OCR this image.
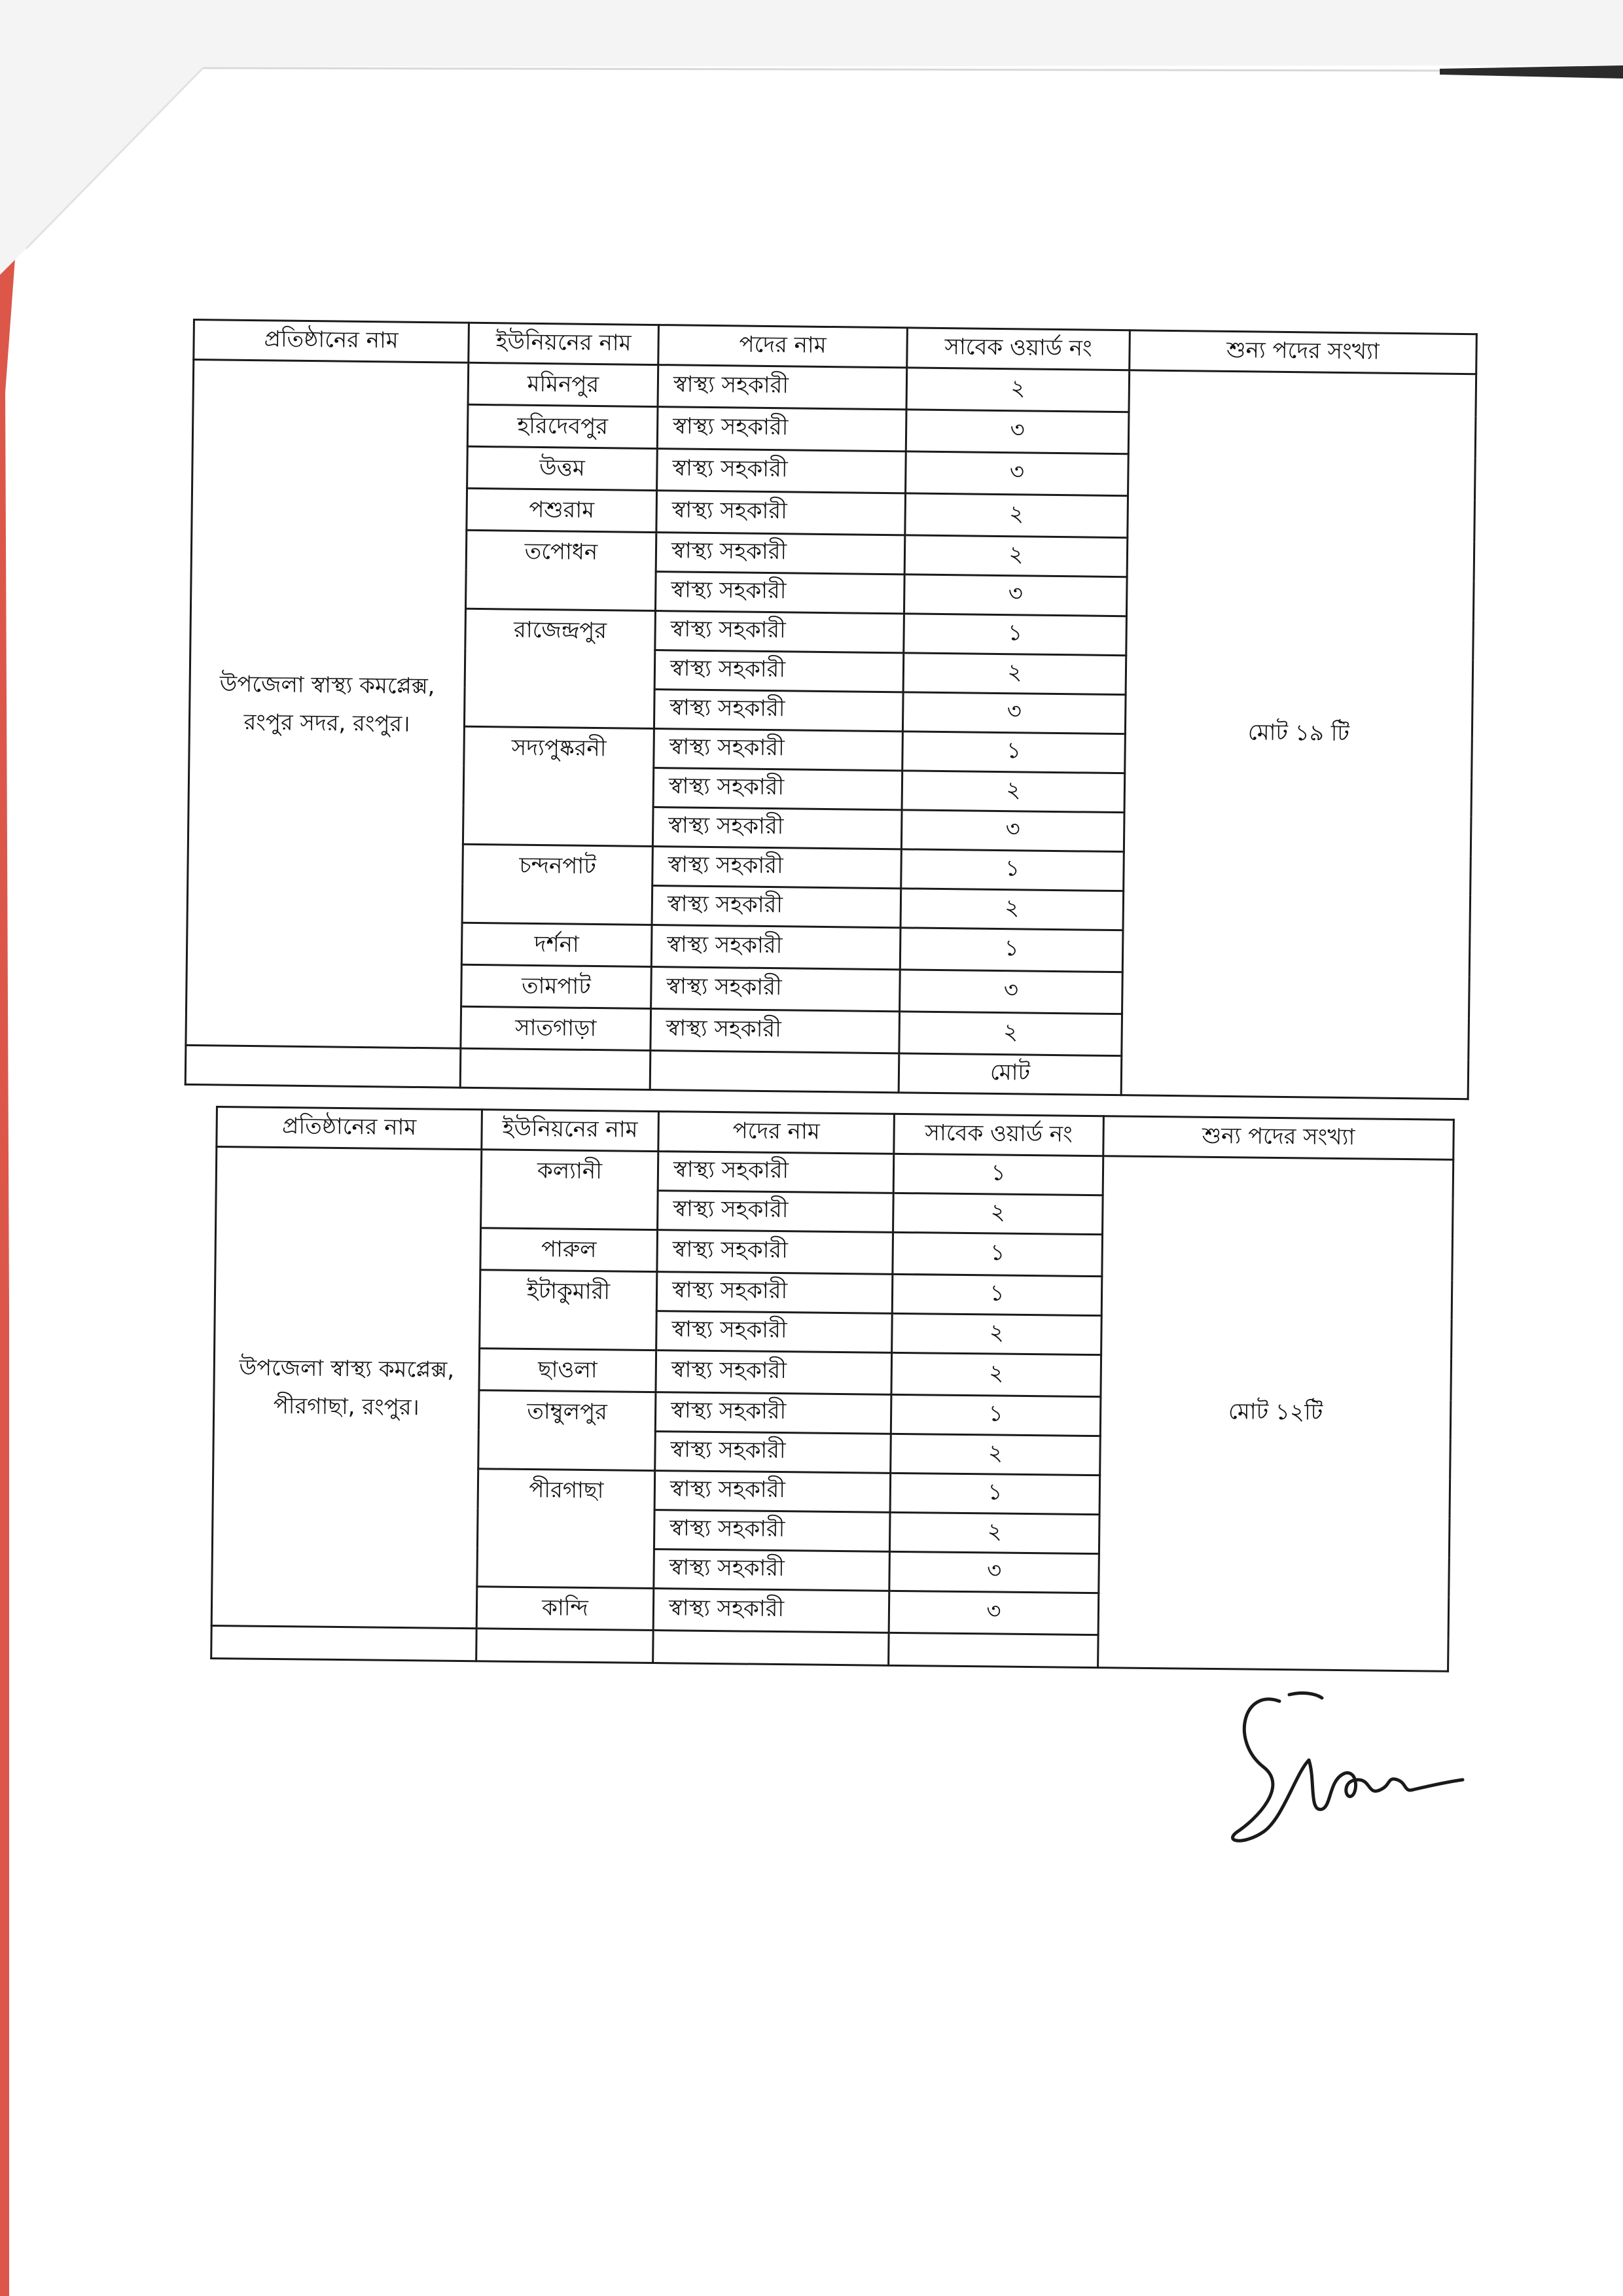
প্রতিষ্ঠানের নাম	ইউনিয়নের নাম	পদের নাম	সাবেক ওয়ার্ড নং	শুন্য পদের সংখ্যা
উপজেলা স্বাস্থ্য কমপ্লেক্স, রংপুর সদর, রংপুর।	মমিনপুর	স্বাস্থ্য সহকারী	২	মোট ১৯ টি
	হরিদেবপুর	স্বাস্থ্য সহকারী	৩	
	উত্তম	স্বাস্থ্য সহকারী	৩	
	পশুরাম	স্বাস্থ্য সহকারী	২	
	তপোধন	স্বাস্থ্য সহকারী	২	
		স্বাস্থ্য সহকারী	৩	
	রাজেন্দ্রপুর	স্বাস্থ্য সহকারী	১	
		স্বাস্থ্য সহকারী	২	
		স্বাস্থ্য সহকারী	৩	
	সদ্যপুষ্করনী	স্বাস্থ্য সহকারী	১	
		স্বাস্থ্য সহকারী	২	
		স্বাস্থ্য সহকারী	৩	
	চন্দনপাট	স্বাস্থ্য সহকারী	১	
		স্বাস্থ্য সহকারী	২	
	দর্শনা	স্বাস্থ্য সহকারী	১	
	তামপাট	স্বাস্থ্য সহকারী	৩	
	সাতগাড়া	স্বাস্থ্য সহকারী	২	
			মোট	
প্রতিষ্ঠানের নাম	ইউনিয়নের নাম	পদের নাম	সাবেক ওয়ার্ড নং	শুন্য পদের সংখ্যা
উপজেলা স্বাস্থ্য কমপ্লেক্স, পীরগাছা, রংপুর।	কল্যানী	স্বাস্থ্য সহকারী	১	মোট ১২টি
		স্বাস্থ্য সহকারী	২	
	পারুল	স্বাস্থ্য সহকারী	১	
	ইটাকুমারী	স্বাস্থ্য সহকারী	১	
		স্বাস্থ্য সহকারী	২	
	ছাওলা	স্বাস্থ্য সহকারী	২	
	তাম্বুলপুর	স্বাস্থ্য সহকারী	১	
		স্বাস্থ্য সহকারী	২	
	পীরগাছা	স্বাস্থ্য সহকারী	১	
		স্বাস্থ্য সহকারী	২	
		স্বাস্থ্য সহকারী	৩	
	কান্দি	স্বাস্থ্য সহকারী	৩	
